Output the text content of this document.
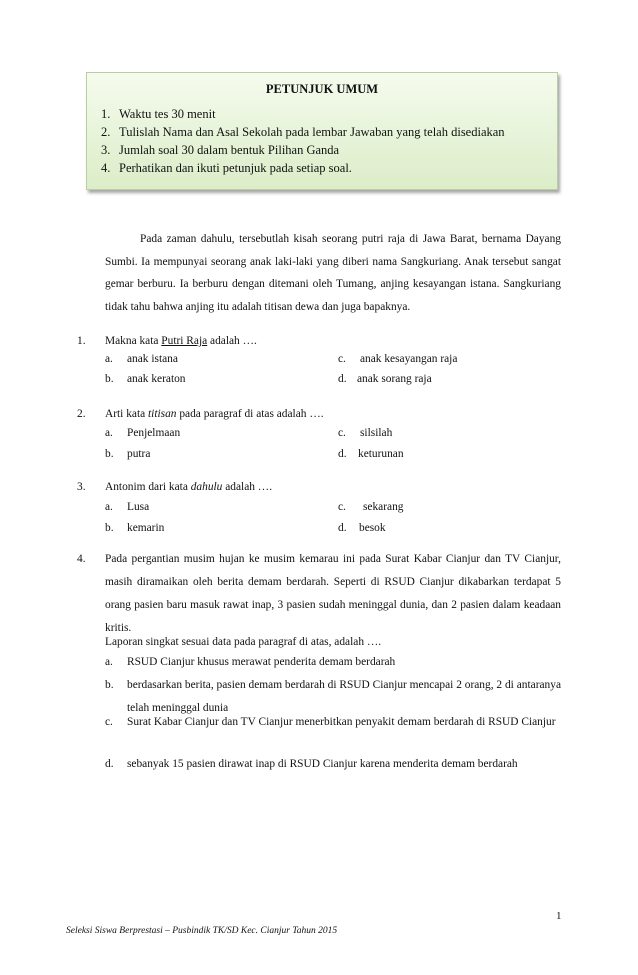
PETUNJUK UMUM
1. Waktu tes 30 menit
2. Tulislah Nama dan Asal Sekolah pada lembar Jawaban yang telah disediakan
3. Jumlah soal 30 dalam bentuk Pilihan Ganda
4. Perhatikan dan ikuti petunjuk pada setiap soal.
Pada zaman dahulu, tersebutlah kisah seorang putri raja di Jawa Barat, bernama Dayang Sumbi. Ia mempunyai seorang anak laki-laki yang diberi nama Sangkuriang. Anak tersebut sangat gemar berburu. Ia berburu dengan ditemani oleh Tumang, anjing kesayangan istana. Sangkuriang tidak tahu bahwa anjing itu adalah titisan dewa dan juga bapaknya.
1. Makna kata Putri Raja adalah ….
a. anak istana
b. anak keraton
c. anak kesayangan raja
d. anak sorang raja
2. Arti kata titisan pada paragraf di atas adalah ….
a. Penjelmaan
b. putra
c. silsilah
d. keturunan
3. Antonim dari kata dahulu adalah ….
a. Lusa
b. kemarin
c. sekarang
d. besok
4. Pada pergantian musim hujan ke musim kemarau ini pada Surat Kabar Cianjur dan TV Cianjur, masih diramaikan oleh berita demam berdarah. Seperti di RSUD Cianjur dikabarkan terdapat 5 orang pasien baru masuk rawat inap, 3 pasien sudah meninggal dunia, dan 2 pasien dalam keadaan kritis.
Laporan singkat sesuai data pada paragraf di atas, adalah ….
a. RSUD Cianjur khusus merawat penderita demam berdarah
b. berdasarkan berita, pasien demam berdarah di RSUD Cianjur mencapai 2 orang, 2 di antaranya telah meninggal dunia
c. Surat Kabar Cianjur dan TV Cianjur menerbitkan penyakit demam berdarah di RSUD Cianjur
d. sebanyak 15 pasien dirawat inap di RSUD Cianjur karena menderita demam berdarah
1
Seleksi Siswa Berprestasi – Pusbindik TK/SD Kec. Cianjur Tahun 2015
